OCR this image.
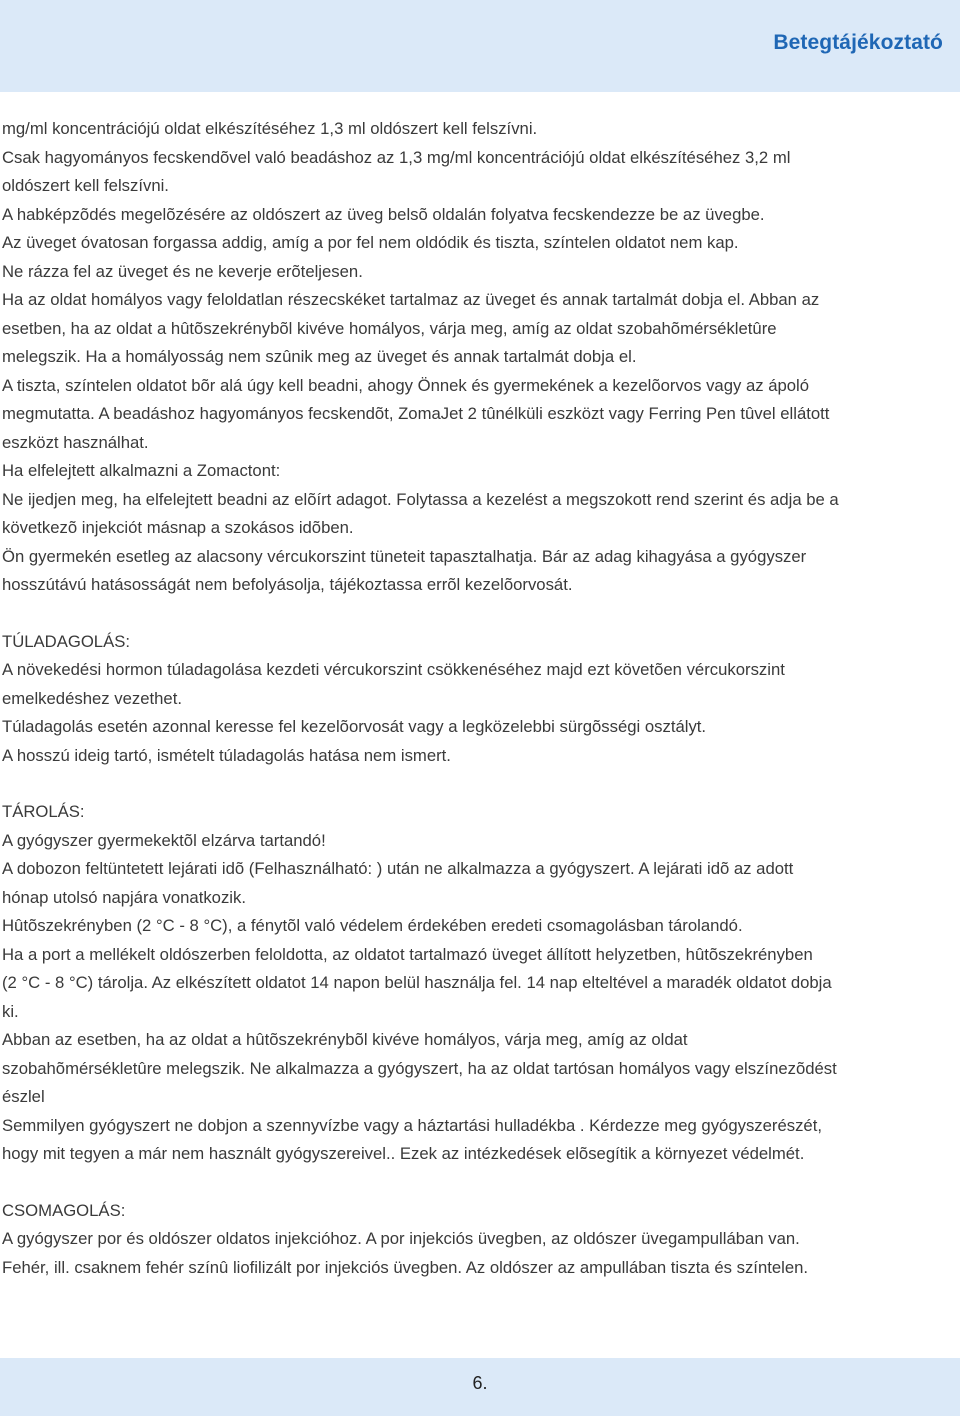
Betegtájékoztató
mg/ml koncentrációjú oldat elkészítéséhez 1,3 ml oldószert kell felszívni.
Csak hagyományos fecskendõvel való beadáshoz az 1,3 mg/ml koncentrációjú oldat elkészítéséhez 3,2 ml
oldószert kell felszívni.
A habképzõdés megelõzésére az oldószert az üveg belsõ oldalán folyatva fecskendezze be az üvegbe.
Az üveget óvatosan forgassa addig, amíg a por fel nem oldódik és tiszta, színtelen oldatot nem kap.
Ne rázza fel az üveget és ne keverje erõteljesen.
Ha az oldat homályos vagy feloldatlan részecskéket tartalmaz az üveget és annak tartalmát dobja el. Abban az
esetben, ha az oldat a hûtõszekrénybõl kivéve homályos, várja meg, amíg az oldat szobahõmérsékletûre
melegszik. Ha a homályosság nem szûnik meg az üveget és annak tartalmát dobja el.
A tiszta, színtelen oldatot bõr alá úgy kell beadni, ahogy Önnek és gyermekének a kezelõorvos vagy az ápoló
megmutatta. A beadáshoz hagyományos fecskendõt, ZomaJet 2 tûnélküli eszközt vagy Ferring Pen tûvel ellátott
eszközt használhat.
Ha elfelejtett alkalmazni a Zomactont:
Ne ijedjen meg, ha elfelejtett beadni az elõírt adagot. Folytassa a kezelést a megszokott rend szerint és adja be a
következõ injekciót másnap a szokásos idõben.
Ön gyermekén esetleg az alacsony vércukorszint tüneteit tapasztalhatja. Bár az adag kihagyása a gyógyszer
hosszútávú hatásosságát nem befolyásolja, tájékoztassa errõl kezelõorvosát.
TÚLADAGOLÁS:
A növekedési hormon túladagolása kezdeti vércukorszint csökkenéséhez majd ezt követõen vércukorszint
emelkedéshez vezethet.
Túladagolás esetén azonnal keresse fel kezelõorvosát vagy a legközelebbi sürgõsségi osztályt.
A hosszú ideig tartó, ismételt túladagolás hatása nem ismert.
TÁROLÁS:
A gyógyszer gyermekektõl elzárva tartandó!
A dobozon feltüntetett lejárati idõ (Felhasználható: ) után ne alkalmazza a gyógyszert. A lejárati idõ az adott
hónap utolsó napjára vonatkozik.
Hûtõszekrényben (2 °C - 8 °C), a fénytõl való védelem érdekében eredeti csomagolásban tárolandó.
Ha a port a mellékelt oldószerben feloldotta, az oldatot tartalmazó üveget állított helyzetben, hûtõszekrényben
(2 °C - 8 °C) tárolja. Az elkészített oldatot 14 napon belül használja fel. 14 nap elteltével a maradék oldatot dobja
ki.
Abban az esetben, ha az oldat a hûtõszekrénybõl kivéve homályos, várja meg, amíg az oldat
szobahõmérsékletûre melegszik. Ne alkalmazza a gyógyszert, ha az oldat tartósan homályos vagy elszínezõdést
észlel
Semmilyen gyógyszert ne dobjon a szennyvízbe vagy a háztartási hulladékba . Kérdezze meg gyógyszerészét,
hogy mit tegyen a már nem használt gyógyszereivel.. Ezek az intézkedések elõsegítik a környezet védelmét.
CSOMAGOLÁS:
A gyógyszer por és oldószer oldatos injekcióhoz. A por injekciós üvegben, az oldószer üvegampullában van.
Fehér, ill. csaknem fehér színû liofilizált por injekciós üvegben. Az oldószer az ampullában tiszta és színtelen.
6.
